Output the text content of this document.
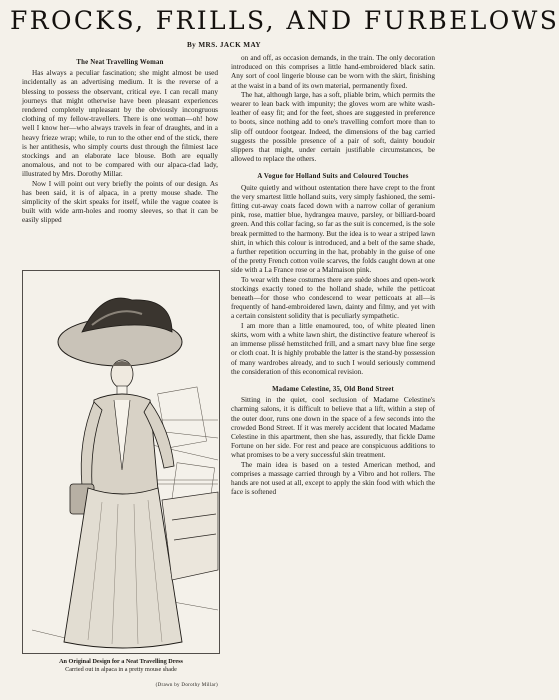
FROCKS, FRILLS, AND FURBELOWS
By MRS. JACK MAY
The Neat Travelling Woman

Has always a peculiar fascination; she might almost be used incidentally as an advertising medium. It is the reverse of a blessing to possess the observant, critical eye. I can recall many journeys that might otherwise have been pleasant experiences rendered completely unpleasant by the obviously incongruous clothing of my fellow-travellers. There is one woman—oh! how well I know her—who always travels in fear of draughts, and in a heavy frieze wrap; while, to run to the other end of the stick, there is her antithesis, who simply courts dust through the filmiest lace stockings and an elaborate lace blouse. Both are equally anomalous, and not to be compared with our alpaca-clad lady, illustrated by Mrs. Dorothy Millar.

Now I will point out very briefly the points of our design. As has been said, it is of alpaca, in a pretty mouse shade. The simplicity of the skirt speaks for itself, while the vague coatee is built with wide arm-holes and roomy sleeves, so that it can be easily slipped

An Original Design for a Neat Travelling Dress
Carried out in alpaca in a pretty mouse shade
(Drawn by Dorothy Millar)

on and off, as occasion demands, in the train. The only decoration introduced on this comprises a little hand-embroidered black satin. Any sort of cool lingerie blouse can be worn with the skirt, finishing at the waist in a band of its own material, permanently fixed.

The hat, although large, has a soft, pliable brim, which permits the wearer to lean back with impunity; the gloves worn are white wash-leather of easy fit; and for the feet, shoes are suggested in preference to boots, since nothing add to one's travelling comfort more than to slip off outdoor footgear. Indeed, the dimensions of the bag carried suggests the possible presence of a pair of soft, dainty boudoir slippers that might, under certain justifiable circumstances, be allowed to replace the others.

A Vogue for Holland Suits and Coloured Touches

Quite quietly and without ostentation there have crept to the front the very smartest little holland suits, very simply fashioned, the semi-fitting cut-away coats faced down with a narrow collar of geranium pink, rose, mattier blue, hydrangea mauve, parsley, or billiard-board green. And this collar facing, so far as the suit is concerned, is the sole break permitted to the harmony. But the idea is to wear a striped lawn shirt, in which this colour is introduced, and a belt of the same shade, a further repetition occurring in the hat, probably in the guise of one of the pretty French cotton voile scarves, the folds caught down at one side with a La France rose or a Malmaison pink.

To wear with these costumes there are suède shoes and open-work stockings exactly toned to the holland shade, while the petticoat beneath—for those who condescend to wear petticoats at all—is frequently of hand-embroidered lawn, dainty and filmy, and yet with a certain consistent solidity that is peculiarly sympathetic.

I am more than a little enamoured, too, of white pleated linen skirts, worn with a white lawn shirt, the distinctive feature whereof is an immense plissé hemstitched frill, and a smart navy blue fine serge or cloth coat. It is highly probable the latter is the stand-by possession of many wardrobes already, and to such I would seriously commend the consideration of this economical revision.

Madame Celestine, 35, Old Bond Street

Sitting in the quiet, cool seclusion of Madame Celestine's charming salons, it is difficult to believe that a lift, within a step of the outer door, runs one down in the space of a few seconds into the crowded Bond Street. If it was merely accident that located Madame Celestine in this apartment, then she has, assuredly, that fickle Dame Fortune on her side. For rest and peace are conspicuous additions to what promises to be a very successful skin treatment.

The main idea is based on a tested American method, and comprises a massage carried through by a Vibro and hot rollers. The hands are not used at all, except to apply the skin food with which the face is softened
